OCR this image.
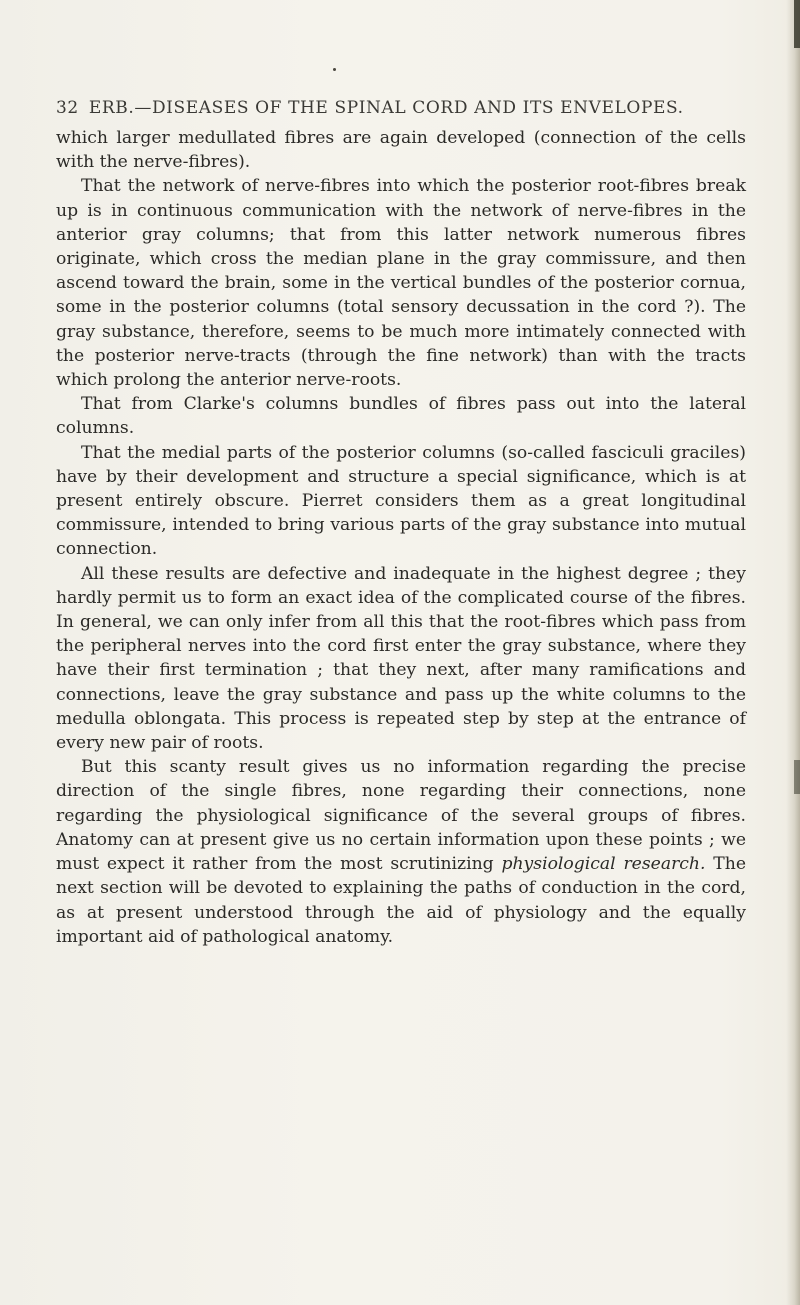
32 ERB.—DISEASES OF THE SPINAL CORD AND ITS ENVELOPES.

which larger medullated fibres are again developed (connection of the cells with the nerve-fibres).

That the network of nerve-fibres into which the posterior root-fibres break up is in continuous communication with the network of nerve-fibres in the anterior gray columns; that from this latter network numerous fibres originate, which cross the median plane in the gray commissure, and then ascend toward the brain, some in the vertical bundles of the posterior cornua, some in the posterior columns (total sensory decussation in the cord ?). The gray substance, therefore, seems to be much more intimately connected with the posterior nerve-tracts (through the fine network) than with the tracts which prolong the anterior nerve-roots.

That from Clarke's columns bundles of fibres pass out into the lateral columns.

That the medial parts of the posterior columns (so-called fasciculi graciles) have by their development and structure a special significance, which is at present entirely obscure. Pierret considers them as a great longitudinal commissure, intended to bring various parts of the gray substance into mutual connection.

All these results are defective and inadequate in the highest degree ; they hardly permit us to form an exact idea of the complicated course of the fibres. In general, we can only infer from all this that the root-fibres which pass from the peripheral nerves into the cord first enter the gray substance, where they have their first termination ; that they next, after many ramifications and connections, leave the gray substance and pass up the white columns to the medulla oblongata. This process is repeated step by step at the entrance of every new pair of roots.

But this scanty result gives us no information regarding the precise direction of the single fibres, none regarding their connections, none regarding the physiological significance of the several groups of fibres. Anatomy can at present give us no certain information upon these points ; we must expect it rather from the most scrutinizing physiological research. The next section will be devoted to explaining the paths of conduction in the cord, as at present understood through the aid of physiology and the equally important aid of pathological anatomy.
